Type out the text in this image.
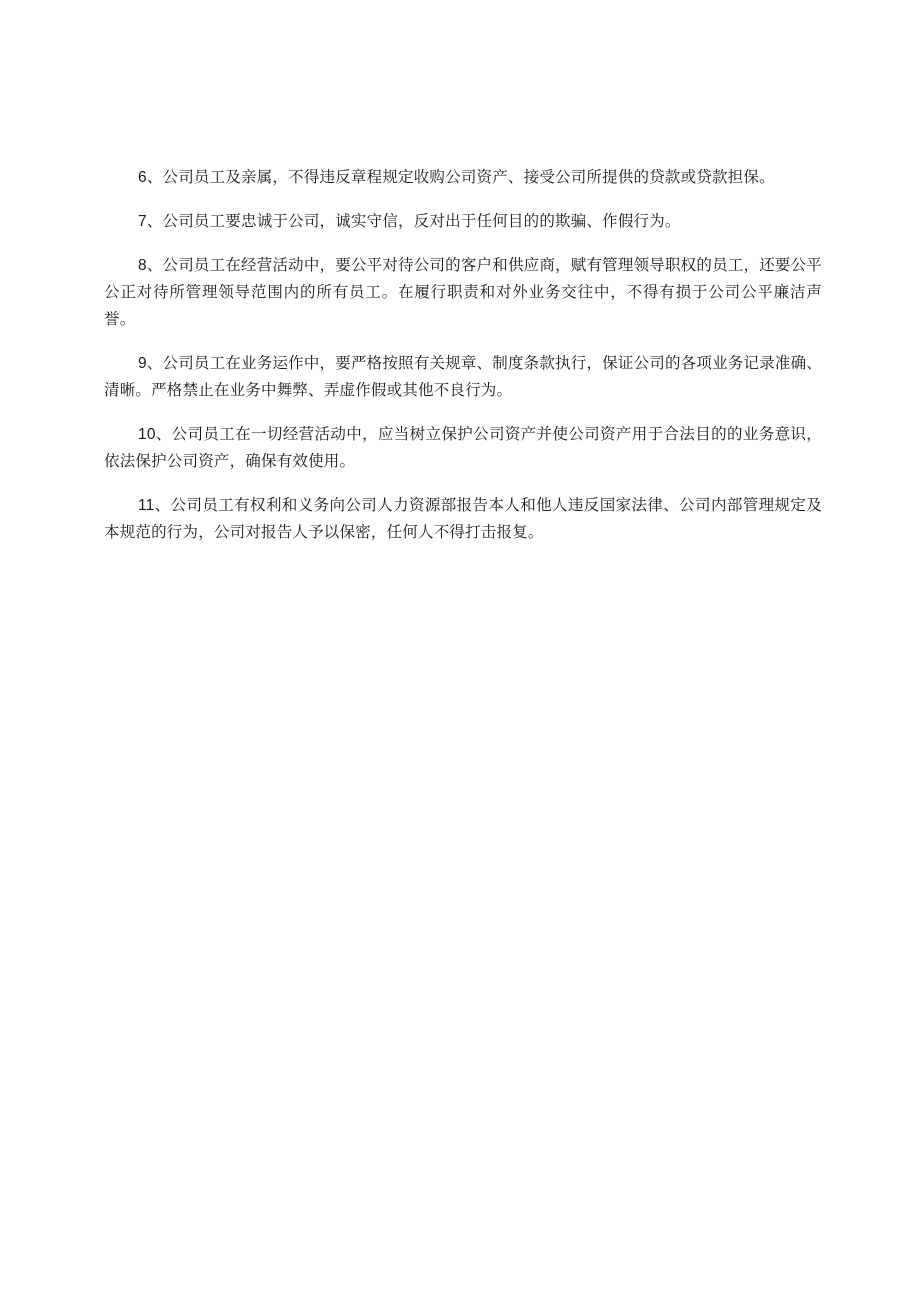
6、公司员工及亲属，不得违反章程规定收购公司资产、接受公司所提供的贷款或贷款担保。

7、公司员工要忠诚于公司，诚实守信，反对出于任何目的的欺骗、作假行为。

8、公司员工在经营活动中，要公平对待公司的客户和供应商，赋有管理领导职权的员工，还要公平公正对待所管理领导范围内的所有员工。在履行职责和对外业务交往中，不得有损于公司公平廉洁声誉。

9、公司员工在业务运作中，要严格按照有关规章、制度条款执行，保证公司的各项业务记录准确、清晰。严格禁止在业务中舞弊、弄虚作假或其他不良行为。

10、公司员工在一切经营活动中，应当树立保护公司资产并使公司资产用于合法目的的业务意识，依法保护公司资产，确保有效使用。

11、公司员工有权利和义务向公司人力资源部报告本人和他人违反国家法律、公司内部管理规定及本规范的行为，公司对报告人予以保密，任何人不得打击报复。
